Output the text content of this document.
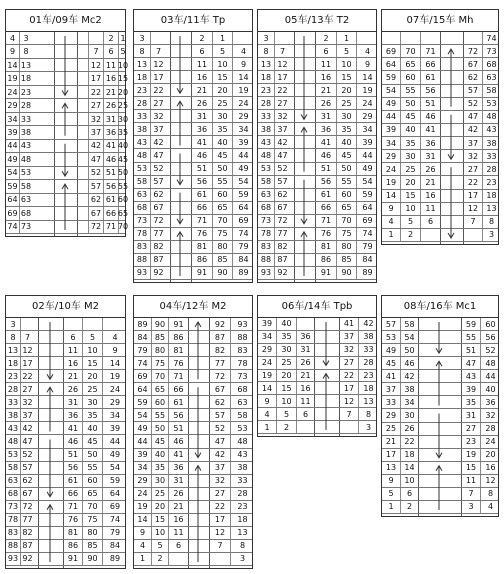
01车/09车 Mc2
4	3	2 1
9	8	7	6 5
14 13	12 11 10
19 18	17 16 15
24 23	22 21 20
29 28	27 26 25
34 33	32 31 30
39 38	37 36 35
44 43	42 41 40
49 48	47 46 45
54 53	52 51 50
59 58	57 56 55
64 63	62 61 60
69 68	67 66 65
74 73	72 71 70
03车/11车 Tp
3	2	1
8	7	6	5	4
13 12	11	10	9
18 17	16	15	14
23 22	21	20	19
28 27	26	25	24
33 32	31	30	29
38 37	36	35	34
43 42	41	40	39
48 47	46	45	44
53 52	51	50	49
58 57	56	55	54
63 62	61	60	59
68 67	66	65	64
73 72	71	70	69
78 77	76	75	74
83 82	81	80	79
88 87	86	85	84
93 92	91	90	89
05车/13车 T2
3	2	1
8	7	6	5	4
13 12	11	10	9
18 17	16	15	14
23 22	21	20	19
28 27	26	25	24
33 32	31	30	29
38 37	36	35	34
43 42	41	40	39
48 47	46	45	44
53 52	51	50	49
58 57	56	55	54
63 62	61	60	59
68 67	66	65	64
73 72	71	70	69
78 77	76	75	74
83 82	81	80	79
88 87	86	85	84
93 92	91	90	89
07车/15车 Mh
74
69	70	71	72	73
64	65	66	67	68
59	60	61	62	63
54	55	56	57	58
49	50	51	52	53
44	45	46	47	48
39	40	41	42	43
34	35	36	37	38
29	30	31	32	33
24	25	26	27	28
19	20	21	22	23
14	15	16	17	18
9	10	11	12	13
4	5	6	7	8
1	2	3
02车/10车 M2
3
8	7	6	5	4
13 12	11	10	9
18 17	16	15	14
23 22	21	20	19
28 27	26	25	24
33 32	31	30	29
38 37	36	35	34
43 42	41	40	39
48 47	46	45	44
53 52	51	50	49
58 57	56	55	54
63 62	61	60	59
68 67	66	65	64
73 72	71	70	69
78 77	76	75	74
83 82	81	80	79
88 87	86	85	84
93 92	91	90	89
04车/12车 M2
89 90	91	92	93
84 85	86	87	88
79 80	81	82	83
74 75	76	77	78
69 70	71	72	73
64 65	66	67	68
59 60	61	62	63
54 55	56	57	58
49 50	51	52	53
44 45	46	47	48
39 40	41	42	43
34 35	36	37	38
29 30	31	32	33
24 25	26	27	28
19 20	21	22	23
14 15	16	17	18
9	10	11	12	13
4	5	6	7	8
1	2	3
06车/14车 Tpb
39	40	41	42
34	35	36	37	38
29	30	31	32	33
24	25	26	27	28
19	20	21	22	23
14	15	16	17	18
9	10	11	12	13
4	5	6	7	8
1	2	3
08车/16车 Mc1
57	58	59	60
53	54	55	56
49	50	51	52
45	46	47	48
41	42	43	44
37	38	39	40
33	34	35	36
29	30	31	32
25	26	27	28
21	22	23	24
17	18	19	20
13	14	15	16
9	10	11	12
5	6	7	8
1	2	3	4
